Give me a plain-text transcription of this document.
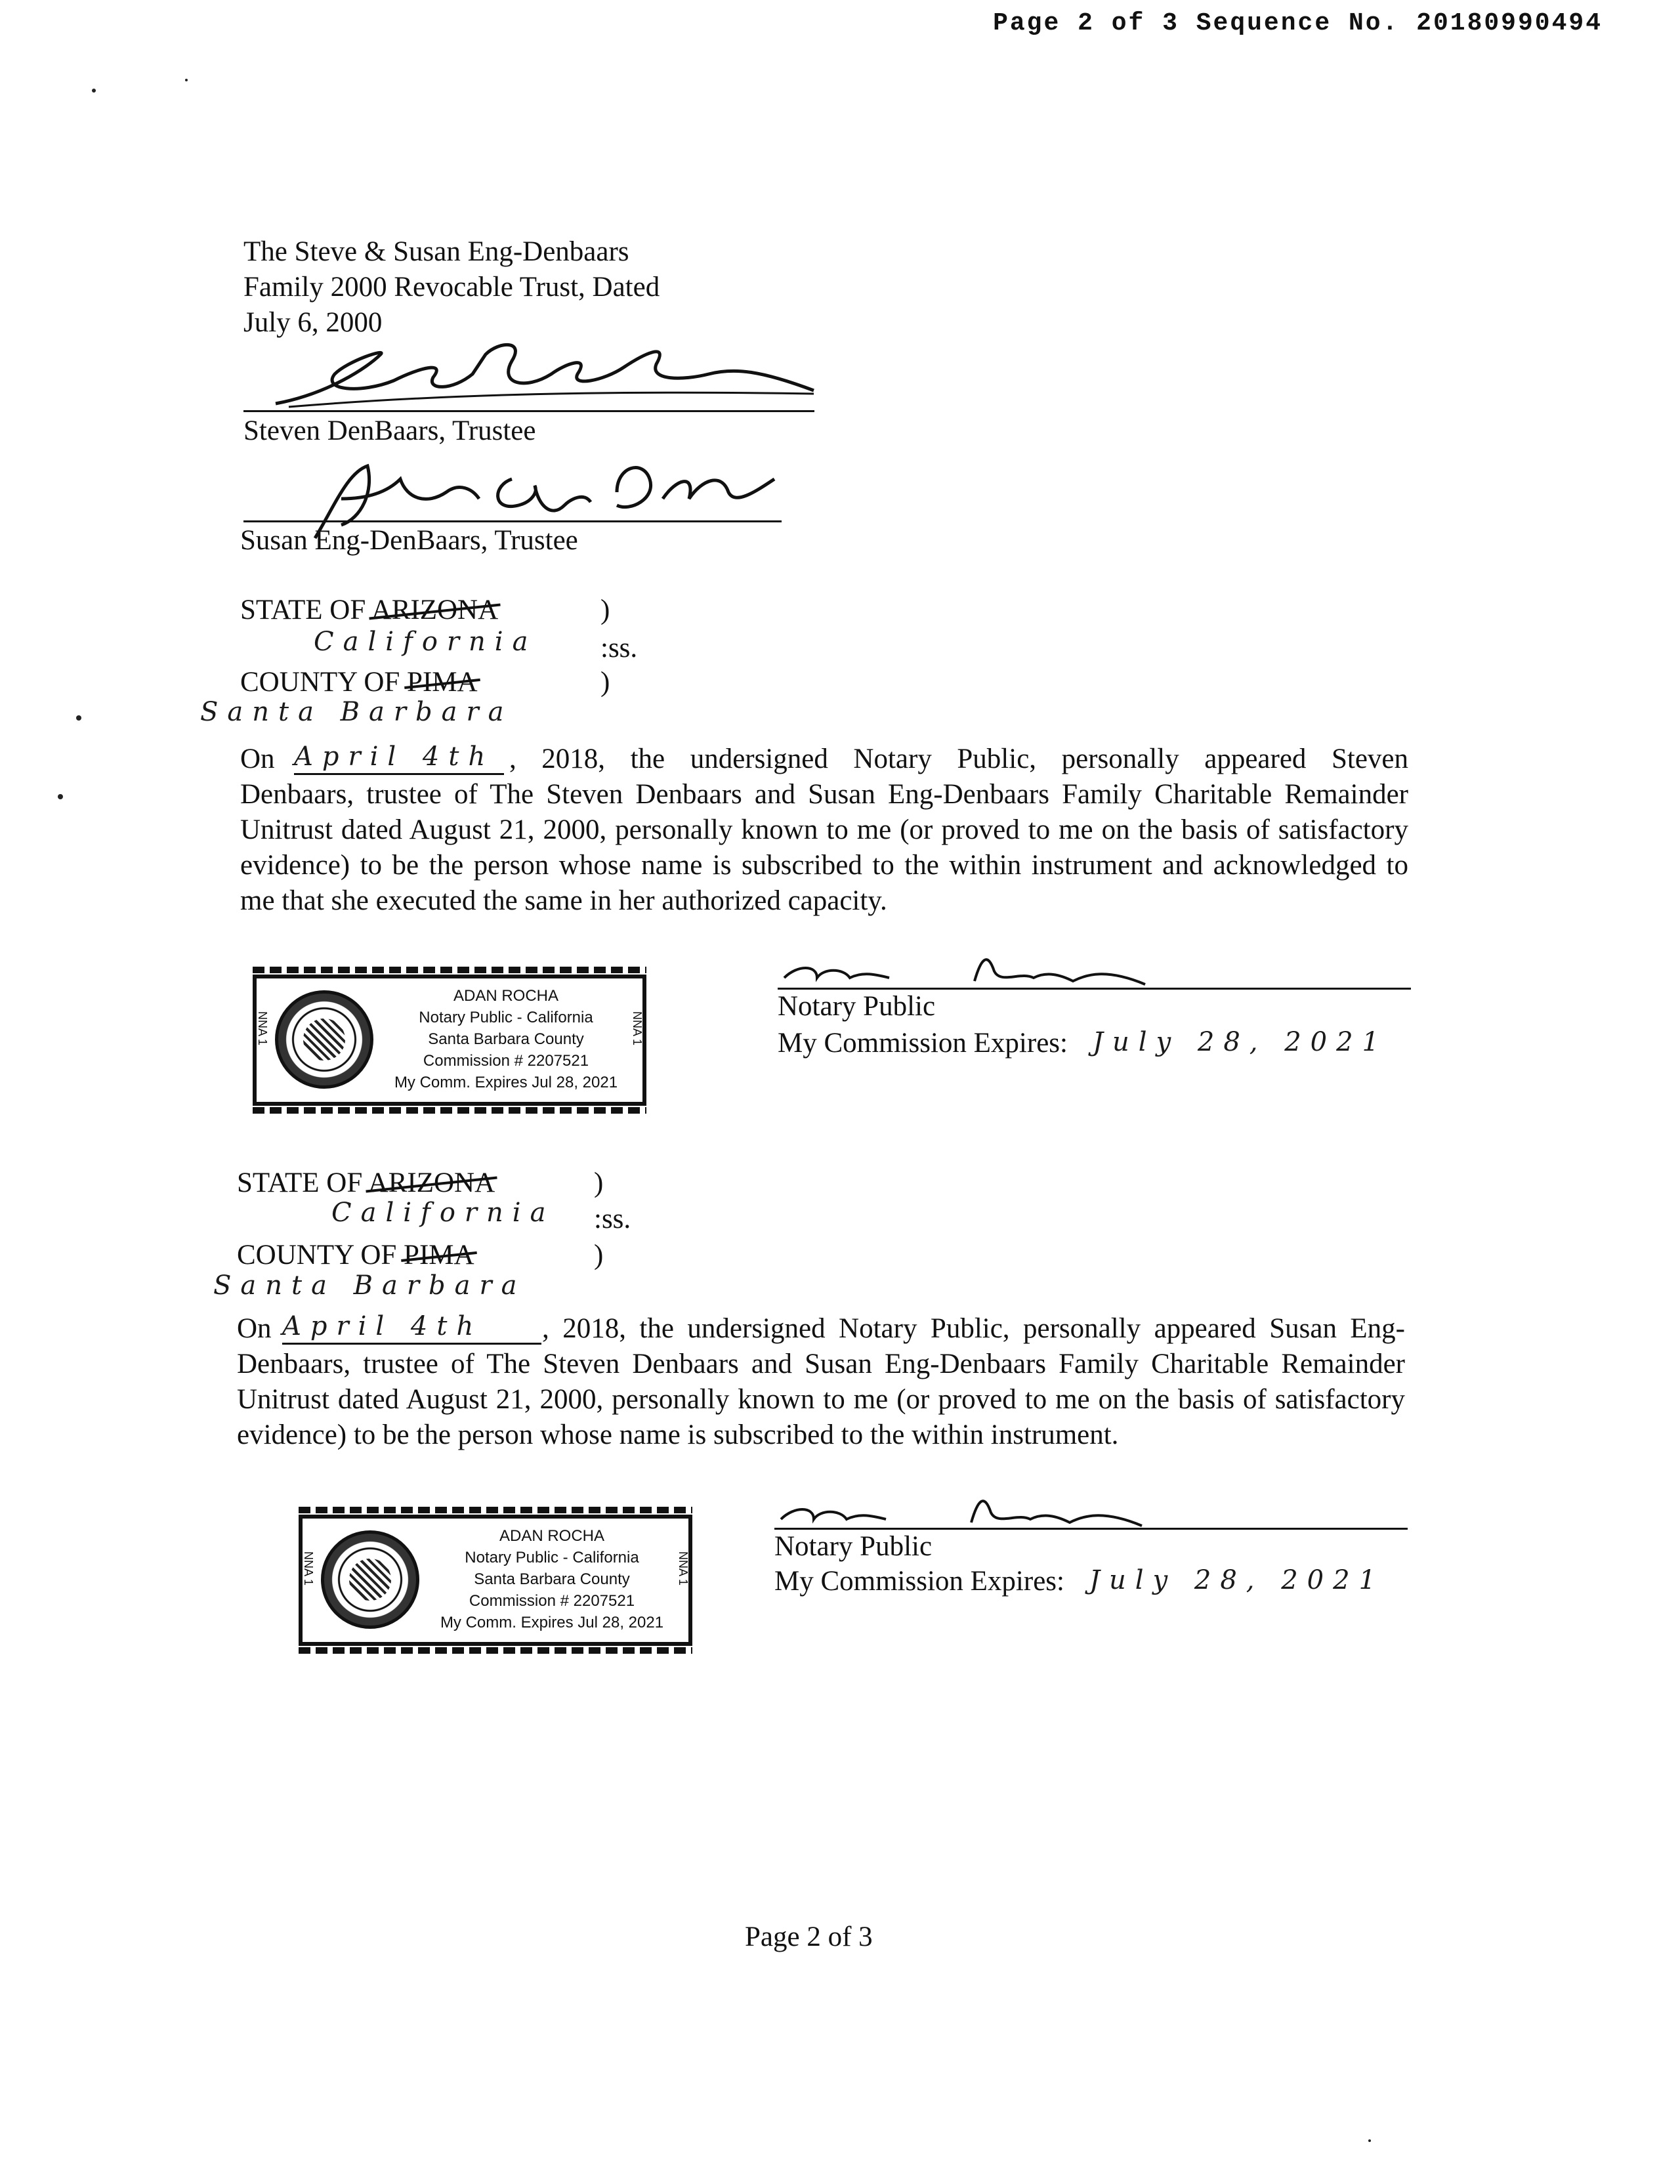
Page 2 of 3 Sequence No. 20180990494
The Steve & Susan Eng-Denbaars
Family 2000 Revocable Trust, Dated
July 6, 2000
Steven DenBaars, Trustee
Susan Eng-DenBaars, Trustee
STATE OF ARIZONA	)
California :ss.
COUNTY OF PIMA	)
Santa Barbara
On April 4th , 2018, the undersigned Notary Public, personally appeared Steven
Denbaars, trustee of The Steven Denbaars and Susan Eng-Denbaars Family Charitable Remainder
Unitrust dated August 21, 2000, personally known to me (or proved to me on the basis of satisfactory
evidence) to be the person whose name is subscribed to the within instrument and acknowledged to
me that she executed the same in her authorized capacity.
NNA 1	NNA 1
ADAN ROCHA
Notary Public - California
Santa Barbara County
Commission # 2207521
My Comm. Expires Jul 28, 2021
Notary Public
My Commission Expires: July 28, 2021
STATE OF ARIZONA	)
California :ss.
COUNTY OF PIMA	)
Santa Barbara
On April 4th	, 2018, the undersigned Notary Public, personally appeared Susan Eng-
Denbaars, trustee of The Steven Denbaars and Susan Eng-Denbaars Family Charitable Remainder
Unitrust dated August 21, 2000, personally known to me (or proved to me on the basis of satisfactory
evidence) to be the person whose name is subscribed to the within instrument.
NNA 1	NNA 1
ADAN ROCHA
Notary Public - California
Santa Barbara County
Commission # 2207521
My Comm. Expires Jul 28, 2021
Notary Public
My Commission Expires: July 28, 2021
Page 2 of 3
